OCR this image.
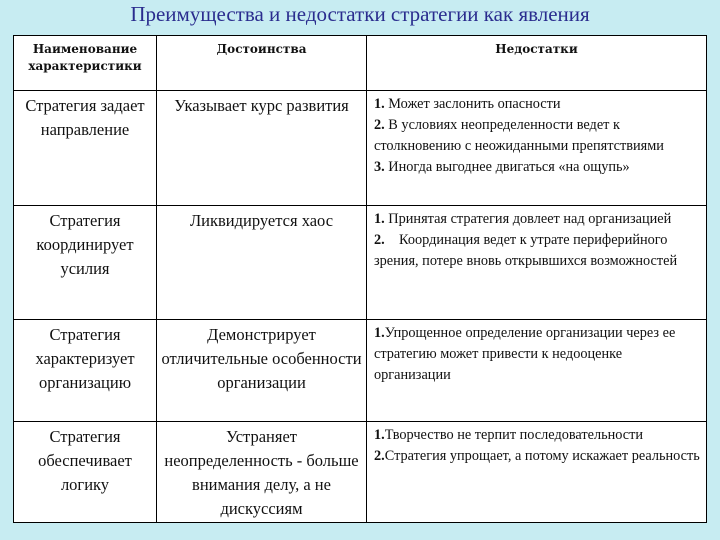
Преимущества и недостатки стратегии как явления
Наименование характеристики	Достоинства	Недостатки
Стратегия задает направление	Указывает курс развития	1. Может заслонить опасности
2. В условиях неопределенности ведет к столкновению с неожиданными препятствиями
3. Иногда выгоднее двигаться «на ощупь»

Стратегия координирует усилия	Ликвидируется хаос	1. Принятая стратегия довлеет над организацией
2.    Координация ведет к утрате периферийного зрения, потере вновь открывшихся возможностей

Стратегия характеризует организацию	Демонстрирует отличительные особенности организации	1.Упрощенное определение организации через ее стратегию может привести к недооценке организации

Стратегия обеспечивает логику	Устраняет неопределенность - больше внимания делу, а не дискуссиям	1.Творчество не терпит последовательности
2.Стратегия упрощает, а потому искажает реальность
